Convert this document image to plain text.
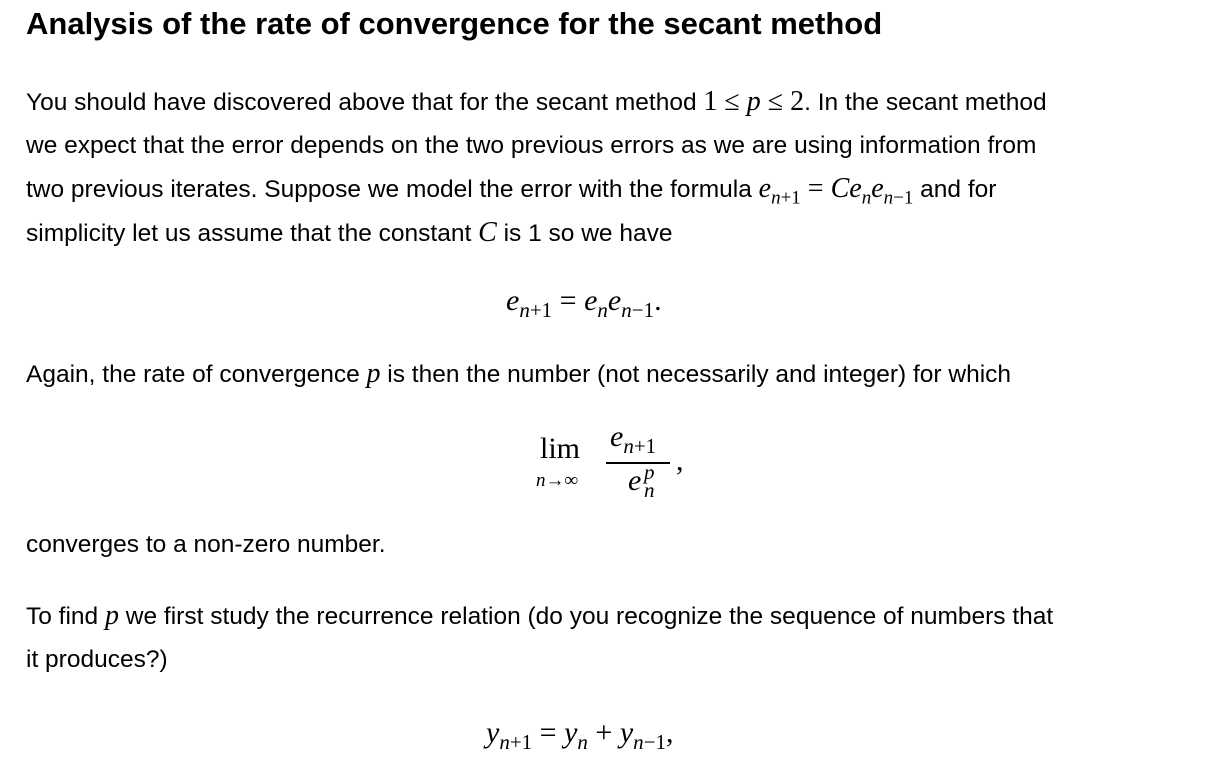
Analysis of the rate of convergence for the secant method

You should have discovered above that for the secant method 1 ≤ p ≤ 2. In the secant method
we expect that the error depends on the two previous errors as we are using information from
two previous iterates. Suppose we model the error with the formula $e_{n+1} = Ce_ne_{n-1}$ and for
simplicity let us assume that the constant C is 1 so we have

$e_{n+1} = e_ne_{n-1}$.

Again, the rate of convergence p is then the number (not necessarily and integer) for which

lim
n→∞
$e_{n+1}$
e p
n
,

converges to a non-zero number.

To find p we first study the recurrence relation (do you recognize the sequence of numbers that
it produces?)

$y_{n+1} = y_n + y_{n-1}$,
